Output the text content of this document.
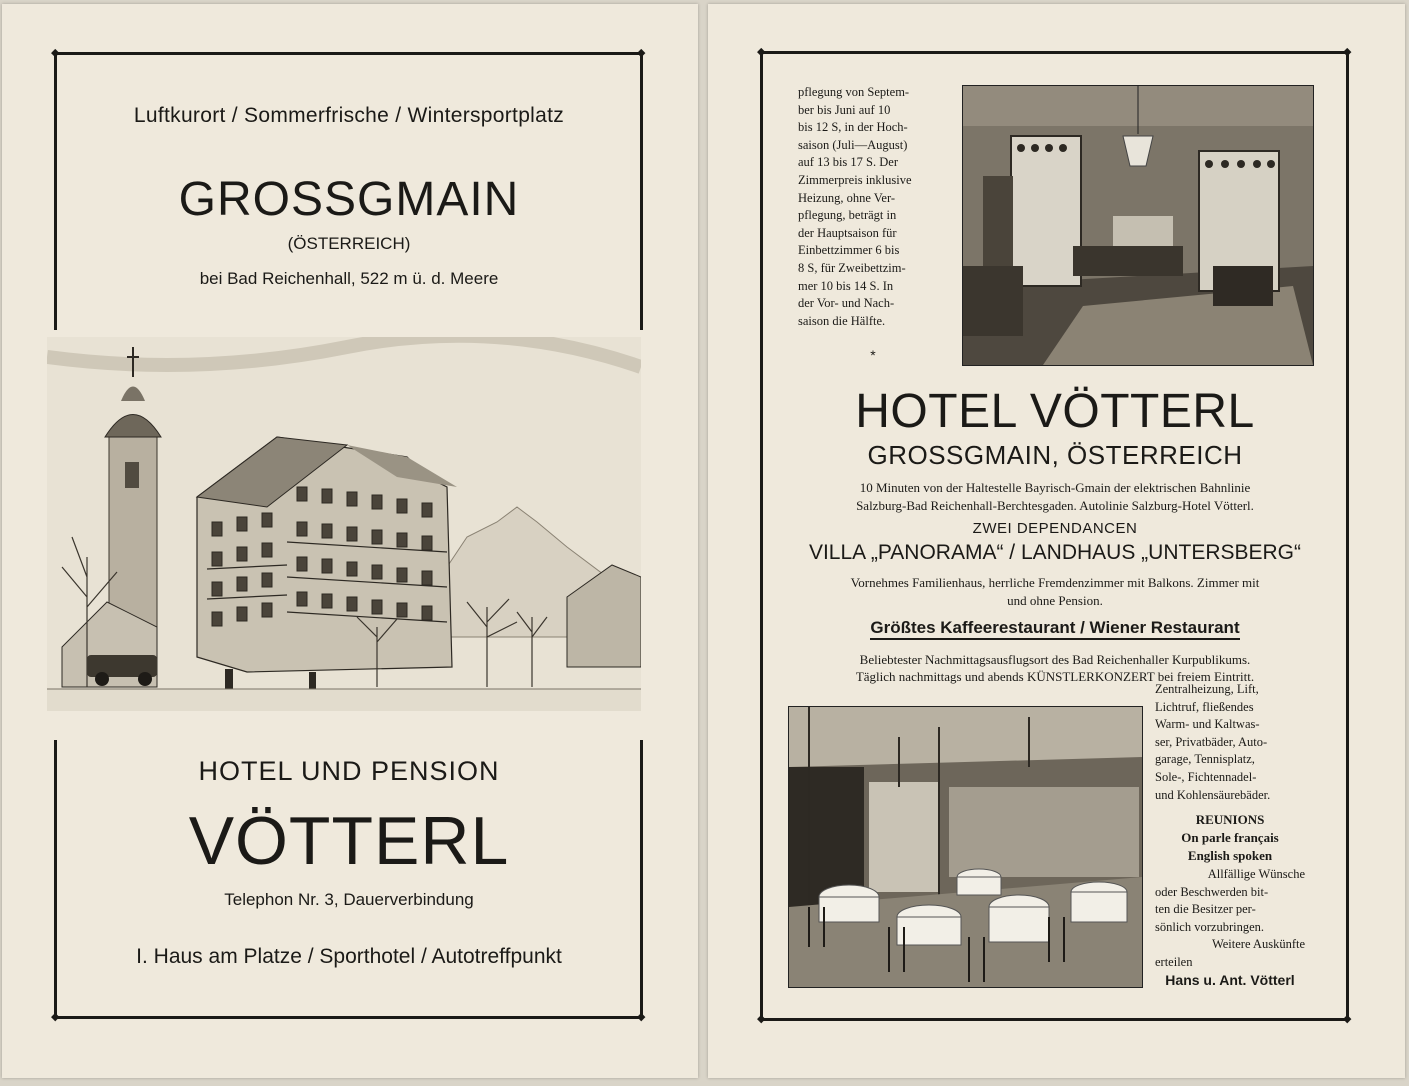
◆	◆
◆	◆
Luftkurort / Sommerfrische / Wintersportplatz
GROSSGMAIN
(ÖSTERREICH)
bei Bad Reichenhall, 522 m ü. d. Meere
HOTEL UND PENSION
VÖTTERL
Telephon Nr. 3, Dauerverbindung
I. Haus am Platze / Sporthotel / Autotreffpunkt
◆	◆
◆	◆
pflegung von Septem-
ber bis Juni auf 10
bis 12 S, in der Hoch-
saison (Juli—August)
auf 13 bis 17 S. Der
Zimmerpreis inklusive
Heizung, ohne Ver-
pflegung, beträgt in
der Hauptsaison für
Einbettzimmer 6 bis
8 S, für Zweibettzim-
mer 10 bis 14 S. In
der Vor- und Nach-
saison die Hälfte.
*
HOTEL VÖTTERL
GROSSGMAIN, ÖSTERREICH
10 Minuten von der Haltestelle Bayrisch-Gmain der elektrischen Bahnlinie
Salzburg-Bad Reichenhall-Berchtesgaden. Autolinie Salzburg-Hotel Vötterl.
ZWEI DEPENDANCEN
VILLA „PANORAMA“ / LANDHAUS „UNTERSBERG“
Vornehmes Familienhaus, herrliche Fremdenzimmer mit Balkons. Zimmer mit
und ohne Pension.
Größtes Kaffeerestaurant / Wiener Restaurant
Beliebtester Nachmittagsausflugsort des Bad Reichenhaller Kurpublikums.
Täglich nachmittags und abends KÜNSTLERKONZERT bei freiem Eintritt.
Zentralheizung, Lift,
Lichtruf, fließendes
Warm- und Kaltwas-
ser, Privatbäder, Auto-
garage, Tennisplatz,
Sole-, Fichtennadel-
und Kohlensäurebäder.
REUNIONS
On parle français
English spoken
Allfällige Wünsche
oder Beschwerden bit-
ten die Besitzer per-
sönlich vorzubringen.
Weitere Auskünfte
erteilen
Hans u. Ant. Vötterl
